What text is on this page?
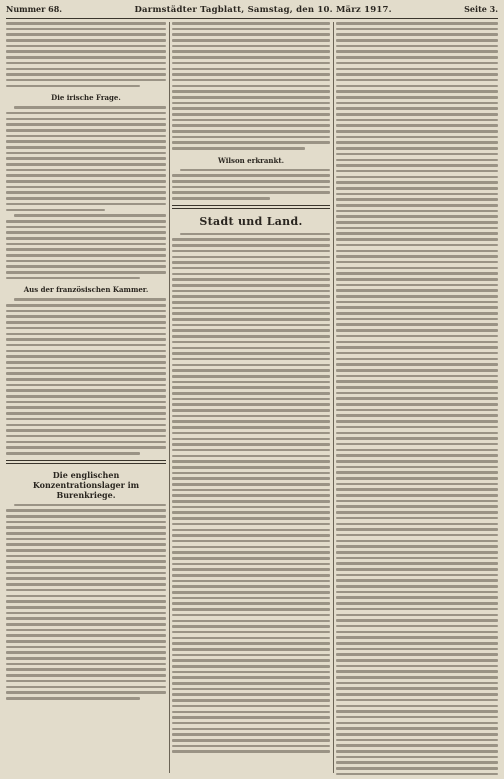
Nummer 68.	Darmstädter Tagblatt, Samstag, den 10. März 1917.	Seite 3.
Die irische Frage.
Aus der französischen Kammer.
Die englischen Konzentrationslager im Burenkriege.
Wilson erkrankt.
Stadt und Land.
